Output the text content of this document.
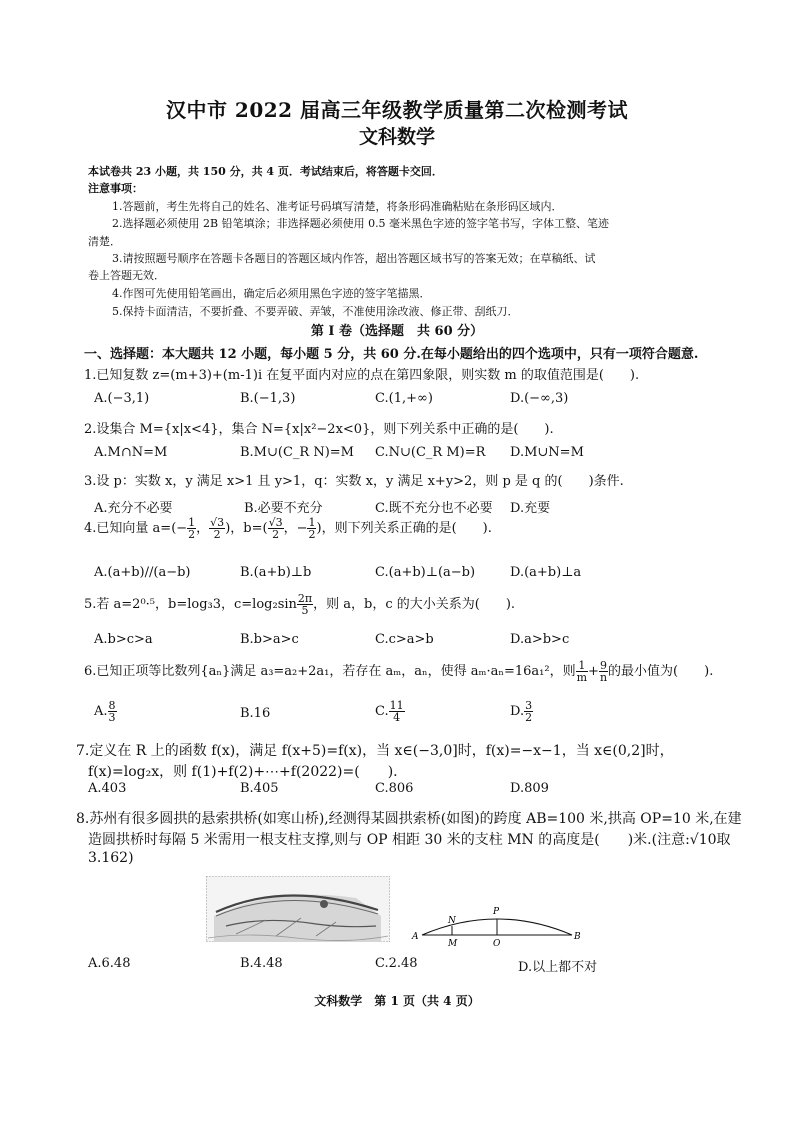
汉中市 2022 届高三年级教学质量第二次检测考试
文科数学
本试卷共 23 小题，共 150 分，共 4 页．考试结束后，将答题卡交回．
注意事项：
1.答题前，考生先将自己的姓名、准考证号码填写清楚，将条形码准确粘贴在条形码区域内．
2.选择题必须使用 2B 铅笔填涂；非选择题必须使用 0.5 毫米黑色字迹的签字笔书写，字体工整、笔迹
清楚．
3.请按照题号顺序在答题卡各题目的答题区域内作答，超出答题区域书写的答案无效；在草稿纸、试
卷上答题无效．
4.作图可先使用铅笔画出，确定后必须用黑色字迹的签字笔描黑．
5.保持卡面清洁，不要折叠、不要弄破、弄皱，不准使用涂改液、修正带、刮纸刀．
第 I 卷（选择题　共 60 分）
一、选择题：本大题共 12 小题，每小题 5 分，共 60 分.在每小题给出的四个选项中，只有一项符合题意.
1.已知复数 z=(m+3)+(m-1)i 在复平面内对应的点在第四象限，则实数 m 的取值范围是(　　).
A.(−3,1)	B.(−1,3)	C.(1,+∞)	D.(−∞,3)
2.设集合 M={x|x<4}，集合 N={x|x²−2x<0}，则下列关系中正确的是(　　).
A.M∩N=M	B.M∪(C_R N)=M C.N∪(C_R M)=R D.M∪N=M
3.设 p：实数 x，y 满足 x>1 且 y>1，q：实数 x，y 满足 x+y>2，则 p 是 q 的(　　)条件.
A.充分不必要	B.必要不充分	C.既不充分也不必要 D.充要
4.已知向量 $a=(- \frac{1}{2}$ ， $\frac{√3}{2}$ )，$b=( \frac{√3}{2}$ ，− $\frac{1}{2}$ )，则下列关系正确的是(　　).
A.(a+b)//(a−b)	B.(a+b)⊥b	C.(a+b)⊥(a−b)	D.(a+b)⊥a
5.若 a=2⁰·⁵，b=log₃3，$c=\log_2\sin \frac{2\pi}{5}$ ，则 a，b，c 的大小关系为(　　).
A.b>c>a	B.b>a>c	C.c>a>b	D.a>b>c
6.已知正项等比数列{aₙ}满足 a₃=a₂+2a₁，若存在 aₘ，aₙ，使得 aₘ·aₙ=16a₁²，则 $\frac{1}{m} + \frac{9}{n}$ 的最小值为(　　).
A. $\frac{8}{3}$	B.16	C. $\frac{11}{4}$	D. $\frac{3}{2}$
7.定义在 R 上的函数 f(x)，满足 f(x+5)=f(x)，当 x∈(−3,0]时，f(x)=−x−1，当 x∈(0,2]时，
f(x)=log₂x，则 f(1)+f(2)+⋯+f(2022)=(　　).
A.403	B.405	C.806	D.809
8.苏州有很多圆拱的悬索拱桥(如寒山桥),经测得某圆拱索桥(如图)的跨度 AB=100 米,拱高 OP=10 米,在建
造圆拱桥时每隔 5 米需用一根支柱支撑,则与 OP 相距 30 米的支柱 MN 的高度是(　　)米.(注意:√10取
3.162)
A	B
N
M
P
O
A.6.48	B.4.48	C.2.48	D.以上都不对
文科数学　第 1 页（共 4 页）
